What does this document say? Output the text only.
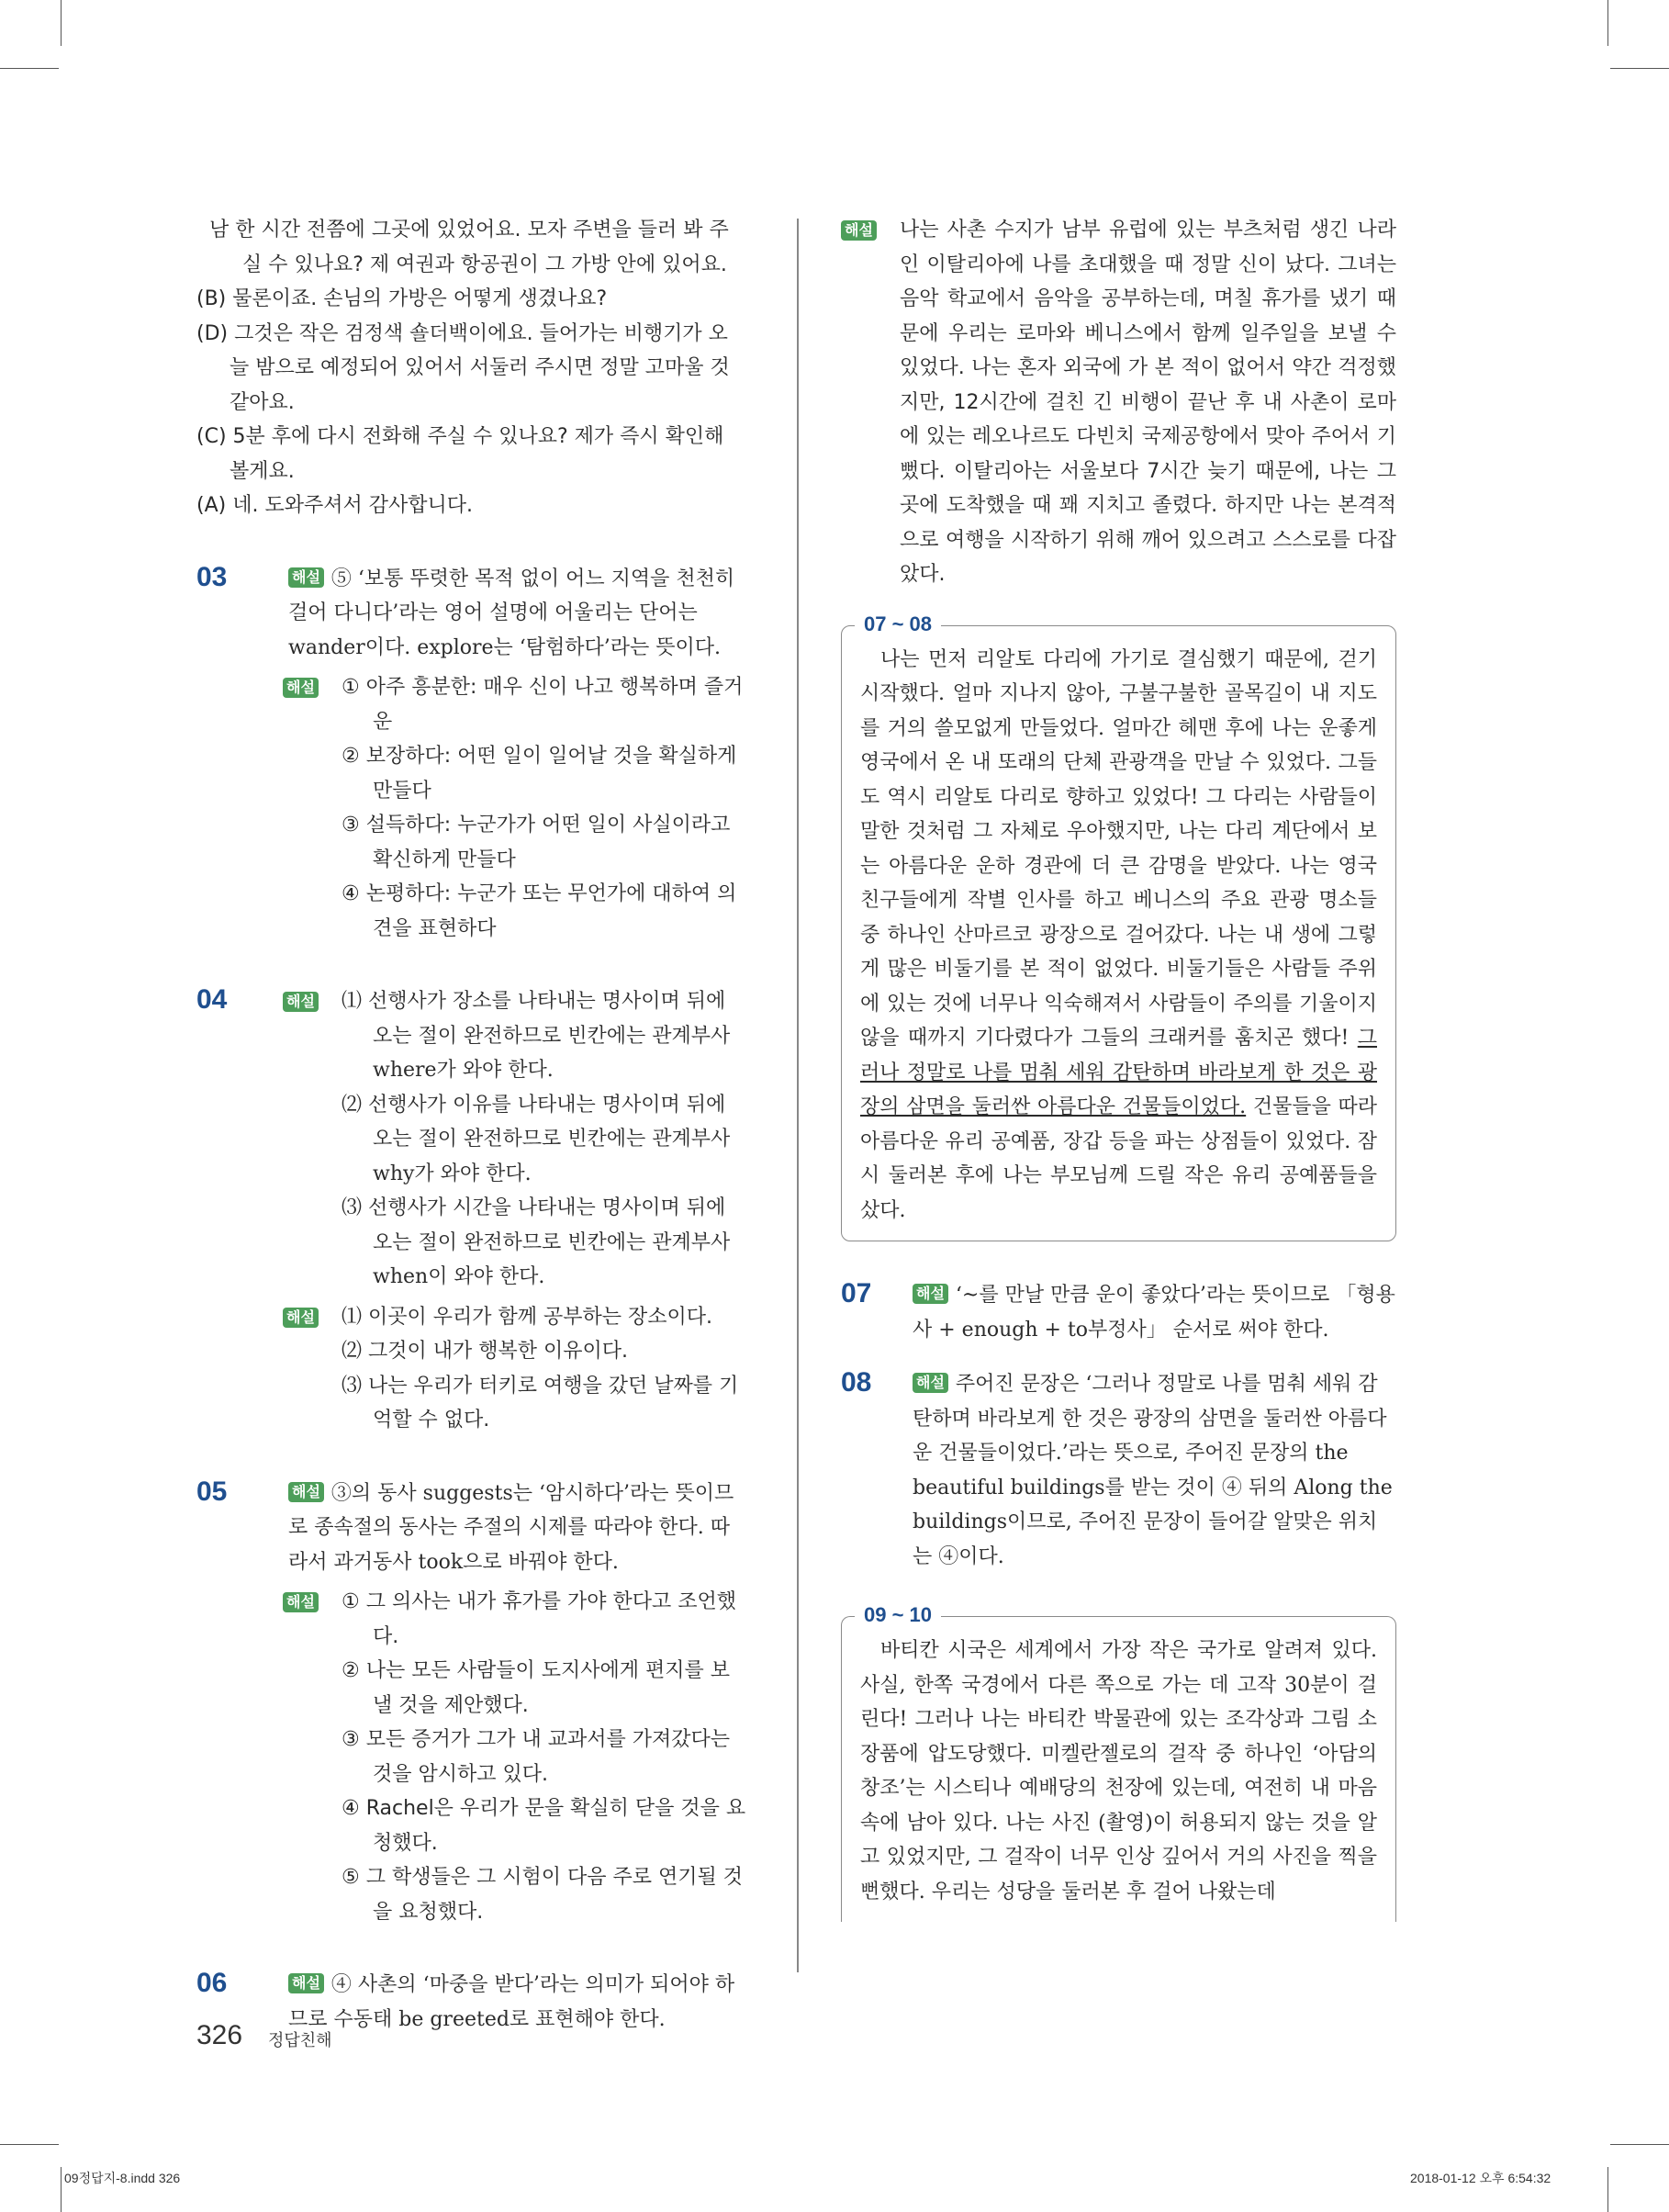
남 한 시간 전쯤에 그곳에 있었어요. 모자 주변을 들러 봐 주실 수 있나요? 제 여권과 항공권이 그 가방 안에 있어요.

(B) 물론이죠. 손님의 가방은 어떻게 생겼나요?

(D) 그것은 작은 검정색 숄더백이에요. 들어가는 비행기가 오늘 밤으로 예정되어 있어서 서둘러 주시면 정말 고마울 것 같아요.

(C) 5분 후에 다시 전화해 주실 수 있나요? 제가 즉시 확인해 볼게요.

(A) 네. 도와주셔서 감사합니다.

03	해설 ⑤ ‘보통 뚜렷한 목적 없이 어느 지역을 천천히 걸어 다니다’라는 영어 설명에 어울리는 단어는 wander이다. explore는 ‘탐험하다’라는 뜻이다.

해설 ① 아주 흥분한: 매우 신이 나고 행복하며 즐거운

② 보장하다: 어떤 일이 일어날 것을 확실하게 만들다

③ 설득하다: 누군가가 어떤 일이 사실이라고 확신하게 만들다

④ 논평하다: 누군가 또는 무언가에 대하여 의견을 표현하다

04	해설 ⑴ 선행사가 장소를 나타내는 명사이며 뒤에 오는 절이 완전하므로 빈칸에는 관계부사 where가 와야 한다.

⑵ 선행사가 이유를 나타내는 명사이며 뒤에 오는 절이 완전하므로 빈칸에는 관계부사 why가 와야 한다.

⑶ 선행사가 시간을 나타내는 명사이며 뒤에 오는 절이 완전하므로 빈칸에는 관계부사 when이 와야 한다.

해설 ⑴ 이곳이 우리가 함께 공부하는 장소이다.

⑵ 그것이 내가 행복한 이유이다.

⑶ 나는 우리가 터키로 여행을 갔던 날짜를 기억할 수 없다.

05	해설 ③의 동사 suggests는 ‘암시하다’라는 뜻이므로 종속절의 동사는 주절의 시제를 따라야 한다. 따라서 과거동사 took으로 바꿔야 한다.

해설 ① 그 의사는 내가 휴가를 가야 한다고 조언했다.

② 나는 모든 사람들이 도지사에게 편지를 보낼 것을 제안했다.

③ 모든 증거가 그가 내 교과서를 가져갔다는 것을 암시하고 있다.

④ Rachel은 우리가 문을 확실히 닫을 것을 요청했다.

⑤ 그 학생들은 그 시험이 다음 주로 연기될 것을 요청했다.

06	해설 ④ 사촌의 ‘마중을 받다’라는 의미가 되어야 하므로 수동태 be greeted로 표현해야 한다.

해설 나는 사촌 수지가 남부 유럽에 있는 부츠처럼 생긴 나라인 이탈리아에 나를 초대했을 때 정말 신이 났다. 그녀는 음악 학교에서 음악을 공부하는데, 며칠 휴가를 냈기 때문에 우리는 로마와 베니스에서 함께 일주일을 보낼 수 있었다. 나는 혼자 외국에 가 본 적이 없어서 약간 걱정했지만, 12시간에 걸친 긴 비행이 끝난 후 내 사촌이 로마에 있는 레오나르도 다빈치 국제공항에서 맞아 주어서 기뻤다. 이탈리아는 서울보다 7시간 늦기 때문에, 나는 그곳에 도착했을 때 꽤 지치고 졸렸다. 하지만 나는 본격적으로 여행을 시작하기 위해 깨어 있으려고 스스로를 다잡았다.

07 ~ 08

나는 먼저 리알토 다리에 가기로 결심했기 때문에, 걷기 시작했다. 얼마 지나지 않아, 구불구불한 골목길이 내 지도를 거의 쓸모없게 만들었다. 얼마간 헤맨 후에 나는 운좋게 영국에서 온 내 또래의 단체 관광객을 만날 수 있었다. 그들도 역시 리알토 다리로 향하고 있었다! 그 다리는 사람들이 말한 것처럼 그 자체로 우아했지만, 나는 다리 계단에서 보는 아름다운 운하 경관에 더 큰 감명을 받았다. 나는 영국 친구들에게 작별 인사를 하고 베니스의 주요 관광 명소들 중 하나인 산마르코 광장으로 걸어갔다. 나는 내 생에 그렇게 많은 비둘기를 본 적이 없었다. 비둘기들은 사람들 주위에 있는 것에 너무나 익숙해져서 사람들이 주의를 기울이지 않을 때까지 기다렸다가 그들의 크래커를 훔치곤 했다! 그러나 정말로 나를 멈춰 세워 감탄하며 바라보게 한 것은 광장의 삼면을 둘러싼 아름다운 건물들이었다. 건물들을 따라 아름다운 유리 공예품, 장갑 등을 파는 상점들이 있었다. 잠시 둘러본 후에 나는 부모님께 드릴 작은 유리 공예품들을 샀다.

07	해설 ‘~를 만날 만큼 운이 좋았다’라는 뜻이므로 「형용사 + enough + to부정사」 순서로 써야 한다.

08	해설 주어진 문장은 ‘그러나 정말로 나를 멈춰 세워 감탄하며 바라보게 한 것은 광장의 삼면을 둘러싼 아름다운 건물들이었다.’라는 뜻으로, 주어진 문장의 the beautiful buildings를 받는 것이 ④ 뒤의 Along the buildings이므로, 주어진 문장이 들어갈 알맞은 위치는 ④이다.

09 ~ 10

바티칸 시국은 세계에서 가장 작은 국가로 알려져 있다. 사실, 한쪽 국경에서 다른 쪽으로 가는 데 고작 30분이 걸린다! 그러나 나는 바티칸 박물관에 있는 조각상과 그림 소장품에 압도당했다. 미켈란젤로의 걸작 중 하나인 ‘아담의 창조’는 시스티나 예배당의 천장에 있는데, 여전히 내 마음속에 남아 있다. 나는 사진 (촬영)이 허용되지 않는 것을 알고 있었지만, 그 걸작이 너무 인상 깊어서 거의 사진을 찍을 뻔했다. 우리는 성당을 둘러본 후 걸어 나왔는데

326 정답친해
09정답지-8.indd 326	2018-01-12 오후 6:54:32
